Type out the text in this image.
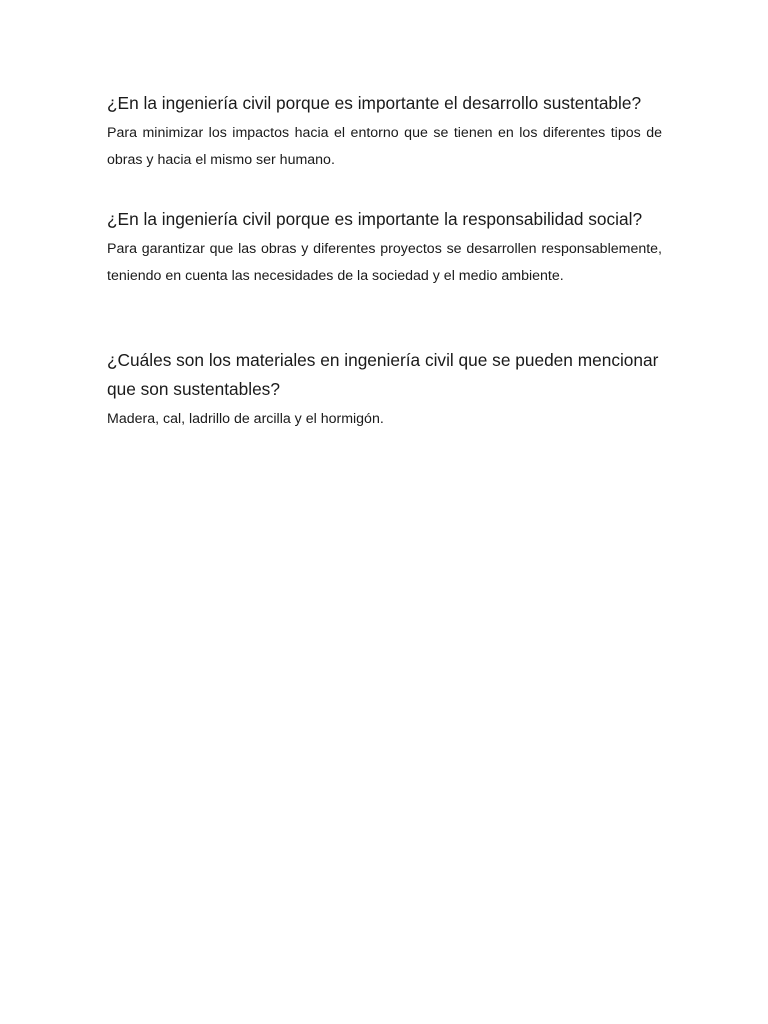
¿En la ingeniería civil porque es importante el desarrollo sustentable?

Para minimizar los impactos hacia el entorno que se tienen en los diferentes tipos de obras y hacia el mismo ser humano.

¿En la ingeniería civil porque es importante la responsabilidad social?

Para garantizar que las obras y diferentes proyectos se desarrollen responsablemente, teniendo en cuenta las necesidades de la sociedad y el medio ambiente.

¿Cuáles son los materiales en ingeniería civil que se pueden mencionar que son sustentables?

Madera, cal, ladrillo de arcilla y el hormigón.
